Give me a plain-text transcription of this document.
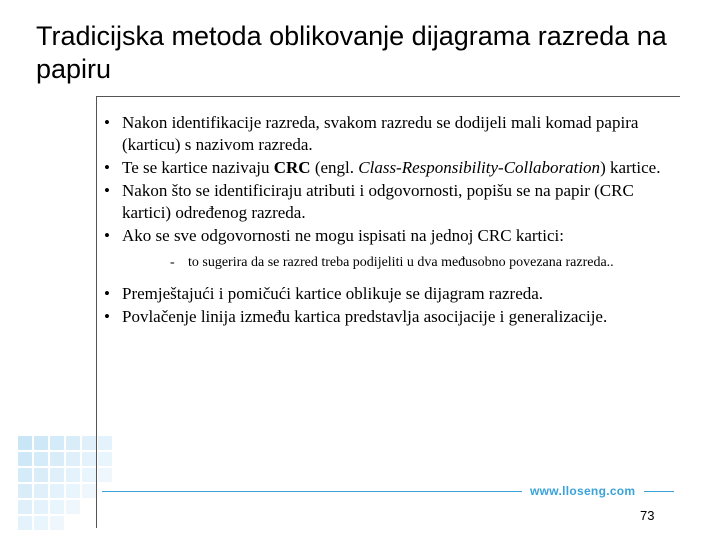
Tradicijska metoda oblikovanje dijagrama razreda na papiru
• Nakon identifikacije razreda, svakom razredu se dodijeli mali komad papira (karticu) s nazivom razreda.
• Te se kartice nazivaju CRC (engl. Class-Responsibility-Collaboration) kartice.
• Nakon što se identificiraju atributi i odgovornosti, popišu se na papir (CRC kartici) određenog razreda.
• Ako se sve odgovornosti ne mogu ispisati na jednoj CRC kartici:
- to sugerira da se razred treba podijeliti u dva međusobno povezana razreda..
• Premještajući i pomičući kartice oblikuje se dijagram razreda.
• Povlačenje linija između kartica predstavlja asocijacije i generalizacije.
www.lloseng.com
73
